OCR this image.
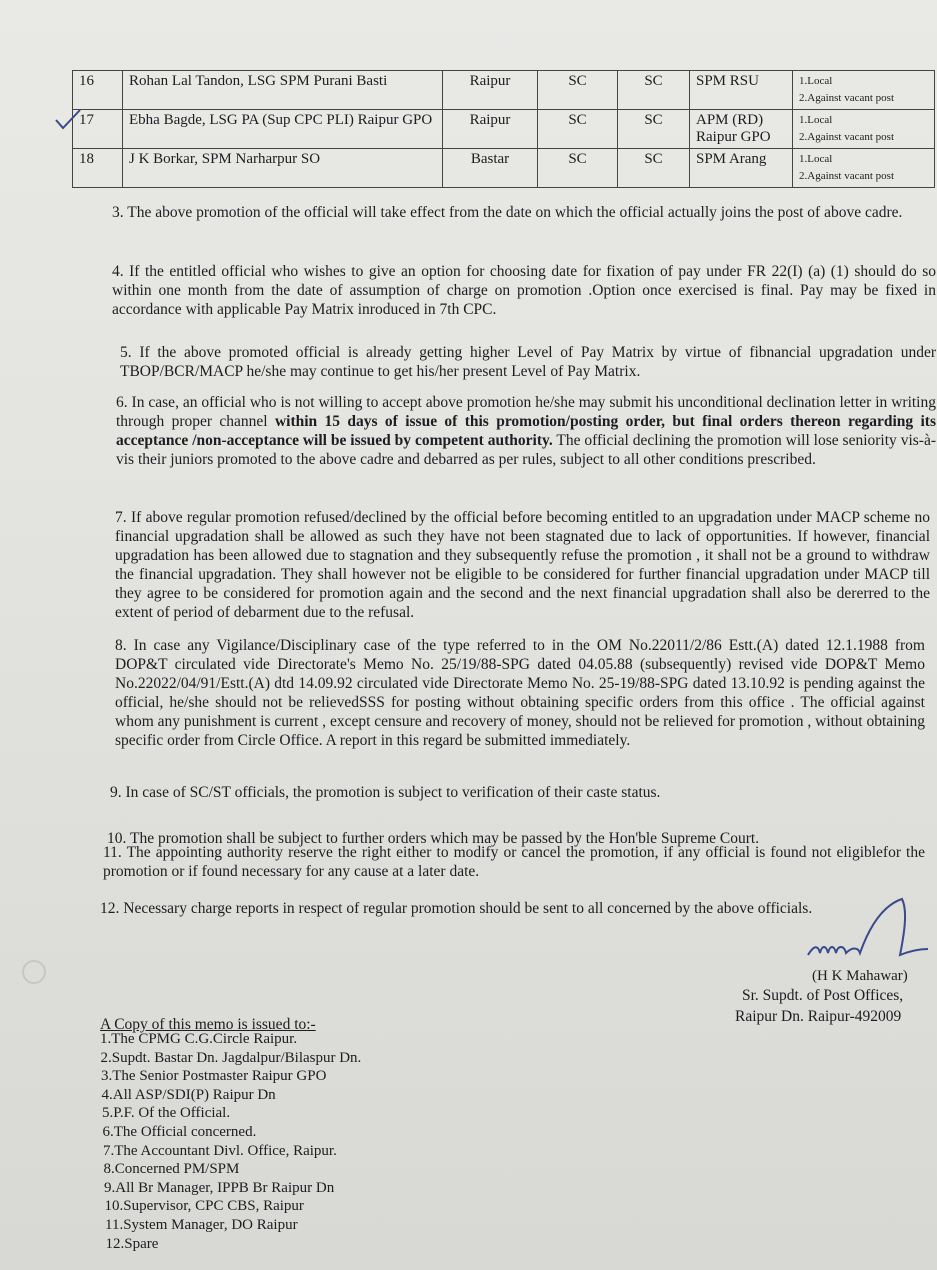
16	Rohan Lal Tandon, LSG SPM Purani Basti	Raipur	SC	SC	SPM RSU	1.Local
2.Against vacant post

17	Ebha Bagde, LSG PA (Sup CPC PLI) Raipur GPO	Raipur	SC	SC	APM (RD) Raipur GPO	1.Local
2.Against vacant post

18	J K Borkar, SPM Narharpur SO	Bastar	SC	SC	SPM Arang	1.Local
2.Against vacant post
3. The above promotion of the official will take effect from the date on which the official actually joins the post of above cadre.
4. If the entitled official who wishes to give an option for choosing date for fixation of pay under FR 22(I) (a) (1) should do so within one month from the date of assumption of charge on promotion .Option once exercised is final. Pay may be fixed in accordance with applicable Pay Matrix inroduced in 7th CPC.
5. If the above promoted official is already getting higher Level of Pay Matrix by virtue of fibnancial upgradation under TBOP/BCR/MACP he/she may continue to get his/her present Level of Pay Matrix.
6. In case, an official who is not willing to accept above promotion he/she may submit his unconditional declination letter in writing through proper channel within 15 days of issue of this promotion/posting order, but final orders thereon regarding its acceptance /non-acceptance will be issued by competent authority. The official declining the promotion will lose seniority vis-à-vis their juniors promoted to the above cadre and debarred as per rules, subject to all other conditions prescribed.
7. If above regular promotion refused/declined by the official before becoming entitled to an upgradation under MACP scheme no financial upgradation shall be allowed as such they have not been stagnated due to lack of opportunities. If however, financial upgradation has been allowed due to stagnation and they subsequently refuse the promotion , it shall not be a ground to withdraw the financial upgradation. They shall however not be eligible to be considered for further financial upgradation under MACP till they agree to be considered for promotion again and the second and the next financial upgradation shall also be dererred to the extent of period of debarment due to the refusal.
8. In case any Vigilance/Disciplinary case of the type referred to in the OM No.22011/2/86 Estt.(A) dated 12.1.1988 from DOP&T circulated vide Directorate's Memo No. 25/19/88-SPG dated 04.05.88 (subsequently) revised vide DOP&T Memo No.22022/04/91/Estt.(A) dtd 14.09.92 circulated vide Directorate Memo No. 25-19/88-SPG dated 13.10.92 is pending against the official, he/she should not be relievedSSS for posting without obtaining specific orders from this office . The official against whom any punishment is current , except censure and recovery of money, should not be relieved for promotion , without obtaining specific order from Circle Office. A report in this regard be submitted immediately.
9. In case of SC/ST officials, the promotion is subject to verification of their caste status.
10. The promotion shall be subject to further orders which may be passed by the Hon'ble Supreme Court.
11. The appointing authority reserve the right either to modify or cancel the promotion, if any official is found not eligiblefor the promotion or if found necessary for any cause at a later date.
12. Necessary charge reports in respect of regular promotion should be sent to all concerned by the above officials.
(H K Mahawar)
Sr. Supdt. of Post Offices,
Raipur Dn. Raipur-492009
A Copy of this memo is issued to:-
1.The CPMG C.G.Circle Raipur.
2.Supdt. Bastar Dn. Jagdalpur/Bilaspur Dn.
3.The Senior Postmaster Raipur GPO
4.All ASP/SDI(P) Raipur Dn
5.P.F. Of the Official.
6.The Official concerned.
7.The Accountant Divl. Office, Raipur.
8.Concerned PM/SPM
9.All Br Manager, IPPB Br Raipur Dn
10.Supervisor, CPC CBS, Raipur
11.System Manager, DO Raipur
12.Spare
